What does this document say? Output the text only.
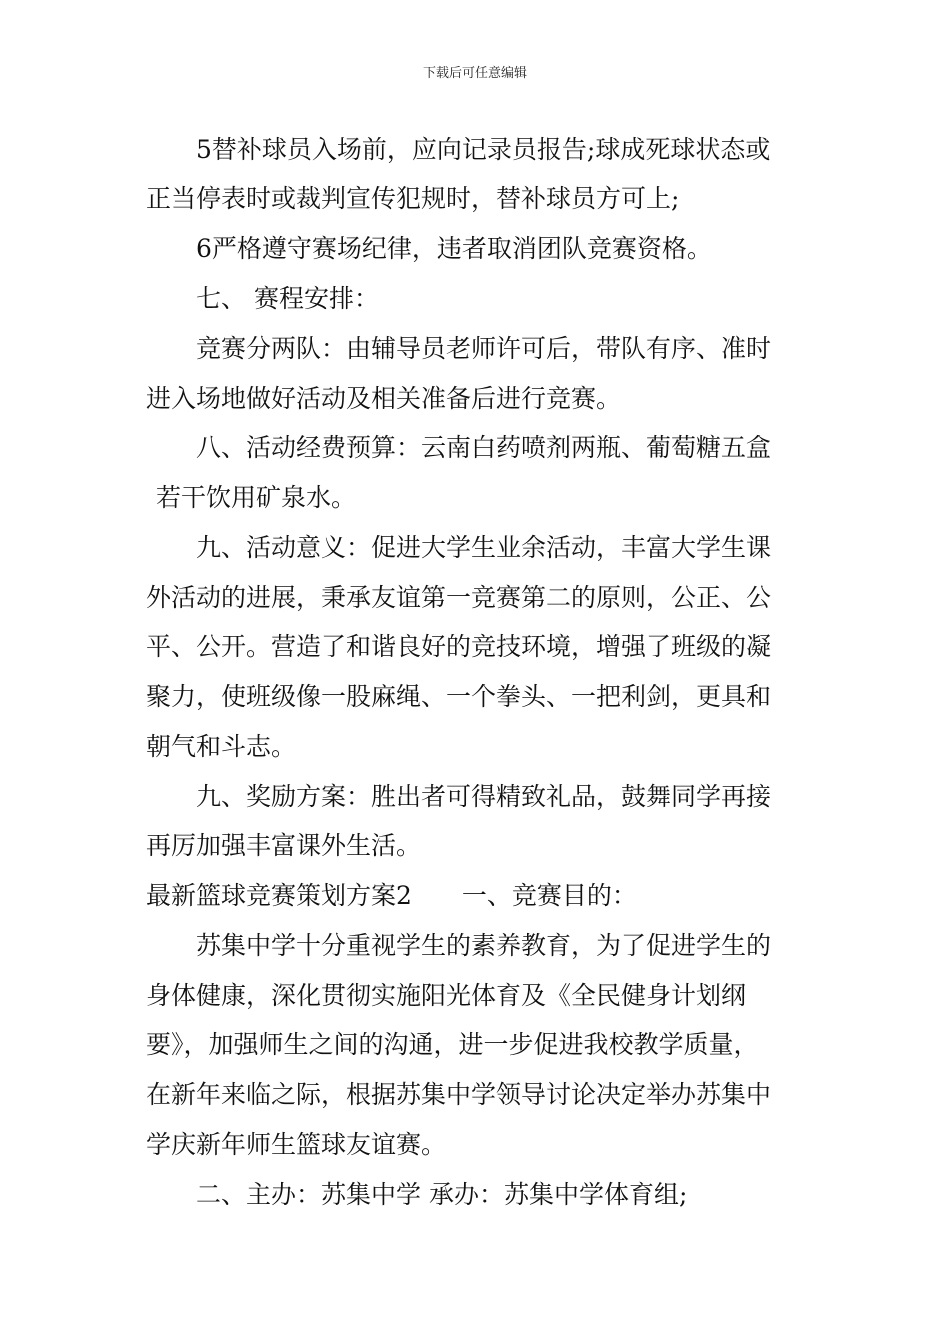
下载后可任意编辑
5替补球员入场前，应向记录员报告;球成死球状态或
正当停表时或裁判宣传犯规时，替补球员方可上;
6严格遵守赛场纪律，违者取消团队竞赛资格。
七、 赛程安排：
竞赛分两队：由辅导员老师许可后，带队有序、准时
进入场地做好活动及相关准备后进行竞赛。
八、活动经费预算：云南白药喷剂两瓶、葡萄糖五盒
若干饮用矿泉水。
九、活动意义：促进大学生业余活动，丰富大学生课
外活动的进展，秉承友谊第一竞赛第二的原则，公正、公
平、公开。营造了和谐良好的竞技环境，增强了班级的凝
聚力，使班级像一股麻绳、一个拳头、一把利剑，更具和
朝气和斗志。
九、奖励方案：胜出者可得精致礼品，鼓舞同学再接
再厉加强丰富课外生活。
最新篮球竞赛策划方案2　　一、竞赛目的：
苏集中学十分重视学生的素养教育，为了促进学生的
身体健康，深化贯彻实施阳光体育及《全民健身计划纲
要》，加强师生之间的沟通，进一步促进我校教学质量，
在新年来临之际，根据苏集中学领导讨论决定举办苏集中
学庆新年师生篮球友谊赛。
二、主办：苏集中学 承办：苏集中学体育组;
